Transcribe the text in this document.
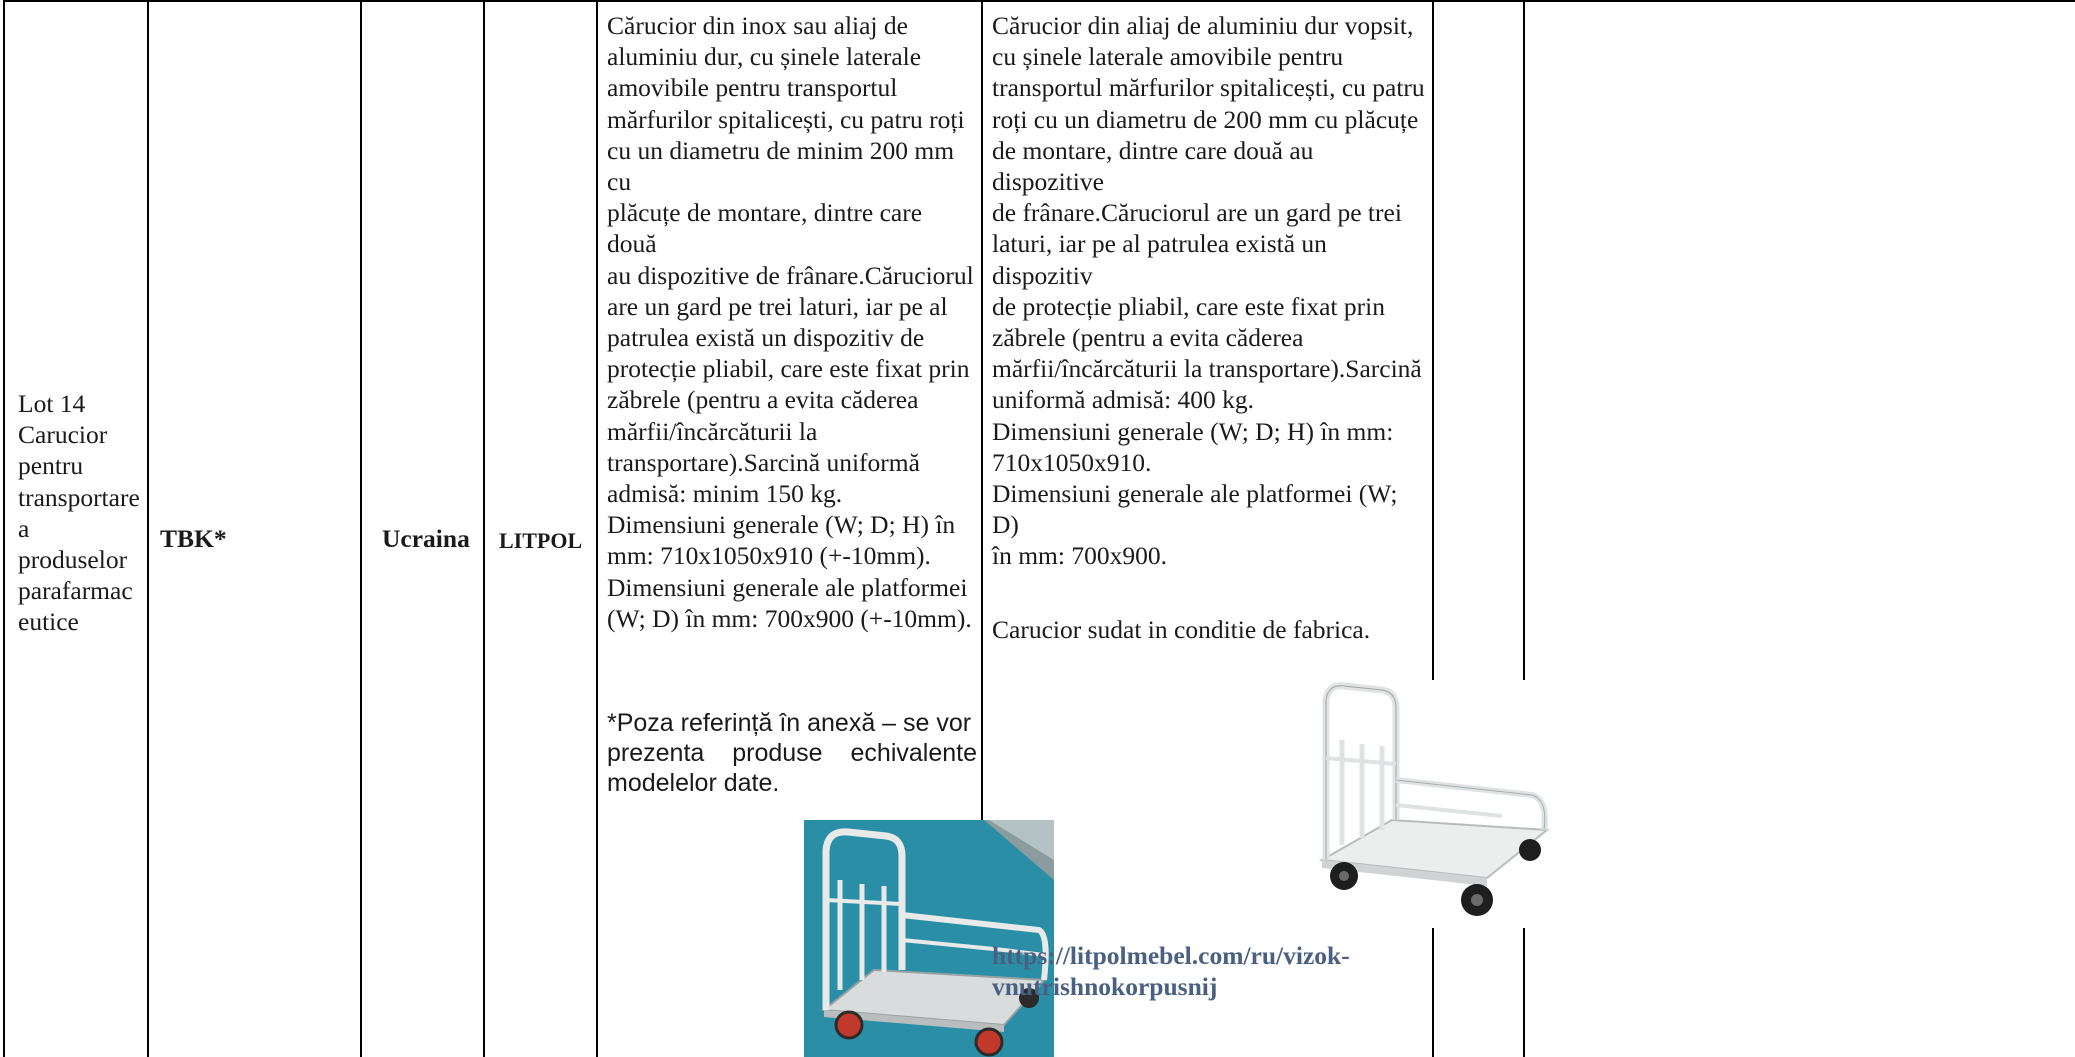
Lot 14
Carucior
pentru
transportare
a
produselor
parafarmac
eutice
TBK*	Ucraina LITPOL

Cărucior din inox sau aliaj de

aluminiu dur, cu șinele laterale

amovibile pentru transportul

mărfurilor spitalicești, cu patru roți

cu un diametru de minim 200 mm cu

plăcuțe de montare, dintre care două

au dispozitive de frânare.Căruciorul

are un gard pe trei laturi, iar pe al

patrulea există un dispozitiv de

protecție pliabil, care este fixat prin

zăbrele (pentru a evita căderea

mărfii/încărcăturii la

transportare).Sarcină uniformă

admisă: minim 150 kg.

Dimensiuni generale (W; D; H) în

mm: 710x1050x910 (+-10mm).

Dimensiuni generale ale platformei

(W; D) în mm: 700x900 (+-10mm).

*Poza referință în anexă – se vor

prezenta produse echivalente

modelelor date.

Cărucior din aliaj de aluminiu dur vopsit,

cu șinele laterale amovibile pentru

transportul mărfurilor spitalicești, cu patru

roți cu un diametru de 200 mm cu plăcuțe

de montare, dintre care două au dispozitive

de frânare.Căruciorul are un gard pe trei

laturi, iar pe al patrulea există un dispozitiv

de protecție pliabil, care este fixat prin

zăbrele (pentru a evita căderea

mărfii/încărcăturii la transportare).Sarcină

uniformă admisă: 400 kg.

Dimensiuni generale (W; D; H) în mm:

710x1050x910.

Dimensiuni generale ale platformei (W; D)

în mm: 700x900.

Carucior sudat in conditie de fabrica.
https://litpolmebel.com/ru/vizok-
vnutrishnokorpusnij
